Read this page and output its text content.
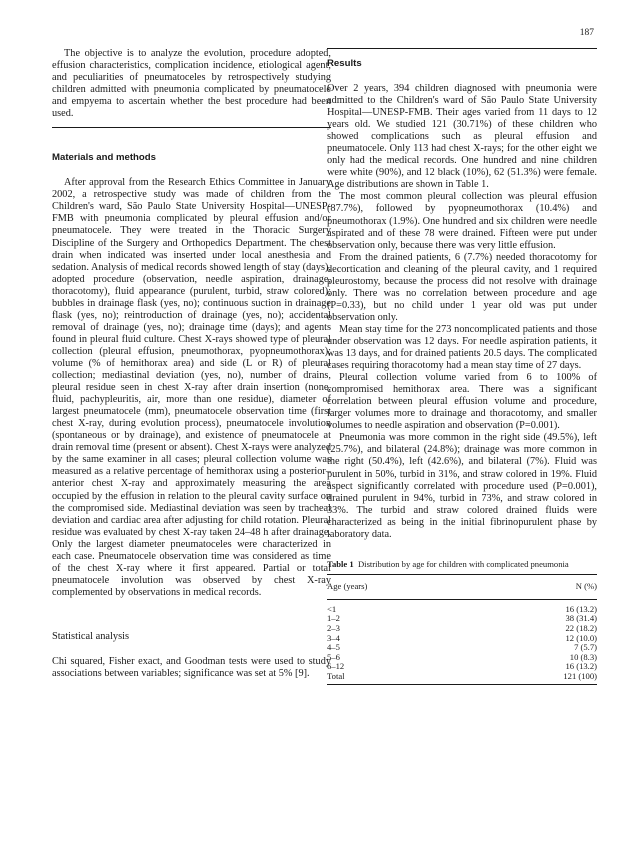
187

The objective is to analyze the evolution, procedure adopted, effusion characteristics, complication incidence, etiological agent, and peculiarities of pneumatoceles by retrospectively studying children admitted with pneumonia complicated by pneumatocele and empyema to ascertain whether the best procedure had been used.

Materials and methods

After approval from the Research Ethics Committee in January 2002, a retrospective study was made of children from the Children's ward, São Paulo State University Hospital—UNESP-FMB with pneumonia complicated by pleural effusion and/or pneumatocele. They were treated in the Thoracic Surgery Discipline of the Surgery and Orthopedics Department. The chest drain when indicated was inserted under local anesthesia and sedation. Analysis of medical records showed length of stay (days), adopted procedure (observation, needle aspiration, drainage, thoracotomy), fluid appearance (purulent, turbid, straw colored); bubbles in drainage flask (yes, no); continuous suction in drainage flask (yes, no); reintroduction of drainage (yes, no); accidental removal of drainage (yes, no); drainage time (days); and agents found in pleural fluid culture. Chest X-rays showed type of pleural collection (pleural effusion, pneumothorax, pyopneumothorax); volume (% of hemithorax area) and side (L or R) of pleural collection; mediastinal deviation (yes, no), number of drains, pleural residue seen in chest X-ray after drain insertion (none, fluid, pachypleuritis, air, more than one residue), diameter of largest pneumatocele (mm), pneumatocele observation time (first chest X-ray, during evolution process), pneumatocele involution (spontaneous or by drainage), and existence of pneumatocele at drain removal time (present or absent). Chest X-rays were analyzed by the same examiner in all cases; pleural collection volume was measured as a relative percentage of hemithorax using a posterior–anterior chest X-ray and approximately measuring the area occupied by the effusion in relation to the pleural cavity surface on the compromised side. Mediastinal deviation was seen by tracheal deviation and cardiac area after adjusting for child rotation. Pleural residue was evaluated by chest X-ray taken 24–48 h after drainage. Only the largest diameter pneumatoceles were characterized in each case. Pneumatocele observation time was considered as time of the chest X-ray where it first appeared. Partial or total pneumatocele involution was observed by chest X-ray complemented by observations in medical records.

Statistical analysis

Chi squared, Fisher exact, and Goodman tests were used to study associations between variables; significance was set at 5% [9].

Results

Over 2 years, 394 children diagnosed with pneumonia were admitted to the Children's ward of São Paulo State University Hospital—UNESP-FMB. Their ages varied from 11 days to 12 years old. We studied 121 (30.71%) of these children who showed complications such as pleural effusion and pneumatocele. Only 113 had chest X-rays; for the other eight we only had the medical records. One hundred and nine children were white (90%), and 12 black (10%), 62 (51.3%) were female. Age distributions are shown in Table 1.

The most common pleural collection was pleural effusion (87.7%), followed by pyopneumothorax (10.4%) and pneumothorax (1.9%). One hundred and six children were needle aspirated and of these 78 were drained. Fifteen were put under observation only, because there was very little effusion.

From the drained patients, 6 (7.7%) needed thoracotomy for decortication and cleaning of the pleural cavity, and 1 required pleurostomy, because the process did not resolve with drainage only. There was no correlation between procedure and age (P=0.33), but no child under 1 year old was put under observation only.

Mean stay time for the 273 noncomplicated patients and those under observation was 12 days. For needle aspiration patients, it was 13 days, and for drained patients 20.5 days. The complicated cases requiring thoracotomy had a mean stay time of 27 days.

Pleural collection volume varied from 6 to 100% of compromised hemithorax area. There was a significant correlation between pleural effusion volume and procedure, larger volumes more to drainage and thoracotomy, and smaller volumes to needle aspiration and observation (P=0.001).

Pneumonia was more common in the right side (49.5%), left (25.7%), and bilateral (24.8%); drainage was more common in the right (50.4%), left (42.6%), and bilateral (7%). Fluid was purulent in 50%, turbid in 31%, and straw colored in 19%. Fluid aspect significantly correlated with procedure used (P=0.001), drained purulent in 94%, turbid in 73%, and straw colored in 33%. The turbid and straw colored drained fluids were characterized as being in the initial fibrinopurulent phase by laboratory data.

Table 1 Distribution by age for children with complicated pneumonia

Age (years)	N (%)

<1	16 (13.2)
1–2	38 (31.4)
2–3	22 (18.2)
3–4	12 (10.0)
4–5	7 (5.7)
5–6	10 (8.3)
6–12	16 (13.2)
Total	121 (100)
